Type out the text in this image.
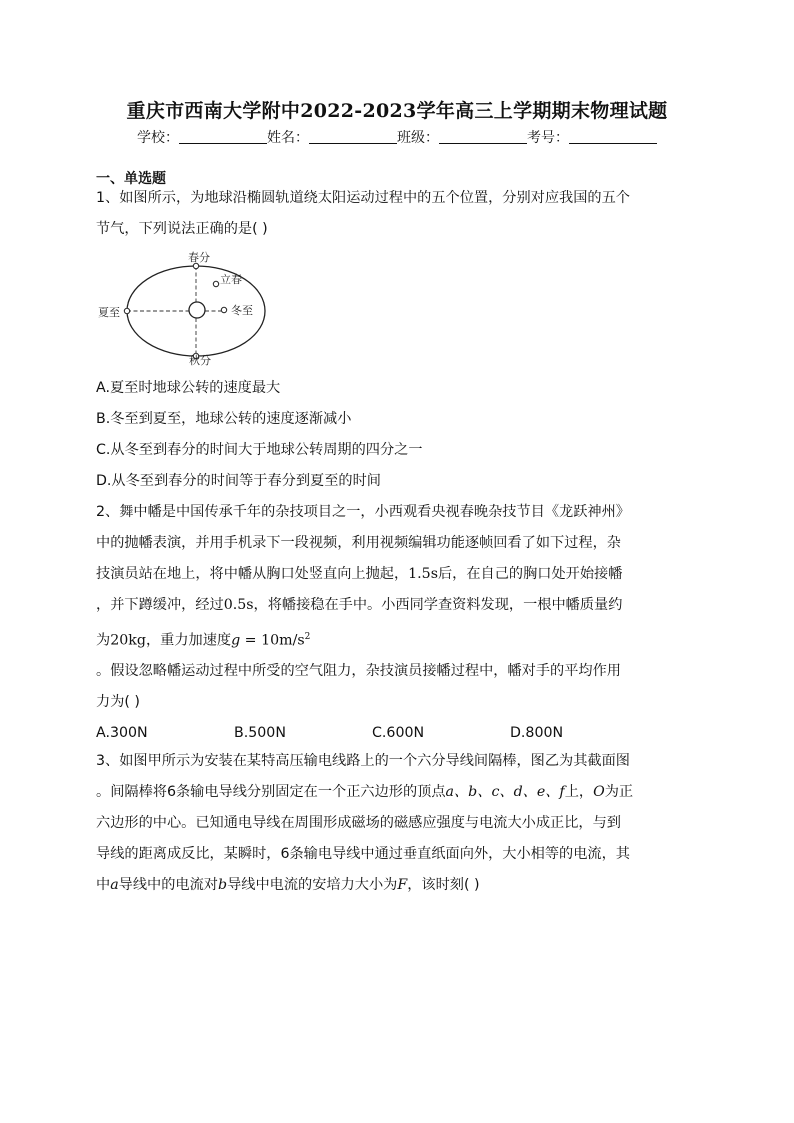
重庆市西南大学附中2022-2023学年高三上学期期末物理试题
学校：	姓名：	班级：	考号：
一、单选题
1、如图所示，为地球沿椭圆轨道绕太阳运动过程中的五个位置，分别对应我国的五个
节气，下列说法正确的是( )
春分
立春
夏至	冬至
秋分
A.夏至时地球公转的速度最大
B.冬至到夏至，地球公转的速度逐渐减小
C.从冬至到春分的时间大于地球公转周期的四分之一
D.从冬至到春分的时间等于春分到夏至的时间
2、舞中幡是中国传承千年的杂技项目之一，小西观看央视春晚杂技节目《龙跃神州》
中的抛幡表演，并用手机录下一段视频，利用视频编辑功能逐帧回看了如下过程，杂
技演员站在地上，将中幡从胸口处竖直向上抛起，1.5s后，在自己的胸口处开始接幡
，并下蹲缓冲，经过0.5s，将幡接稳在手中。小西同学查资料发现，一根中幡质量约
为20kg，重力加速度$g = 10m/s^2$
。假设忽略幡运动过程中所受的空气阻力，杂技演员接幡过程中，幡对手的平均作用
力为( )
A.300N	B.500N	C.600N	D.800N
3、如图甲所示为安装在某特高压输电线路上的一个六分导线间隔棒，图乙为其截面图
。间隔棒将6条输电导线分别固定在一个正六边形的顶点a、b、c、d、e、f上，O为正
六边形的中心。已知通电导线在周围形成磁场的磁感应强度与电流大小成正比，与到
导线的距离成反比，某瞬时，6条输电导线中通过垂直纸面向外，大小相等的电流，其
中a导线中的电流对b导线中电流的安培力大小为F，该时刻( )
